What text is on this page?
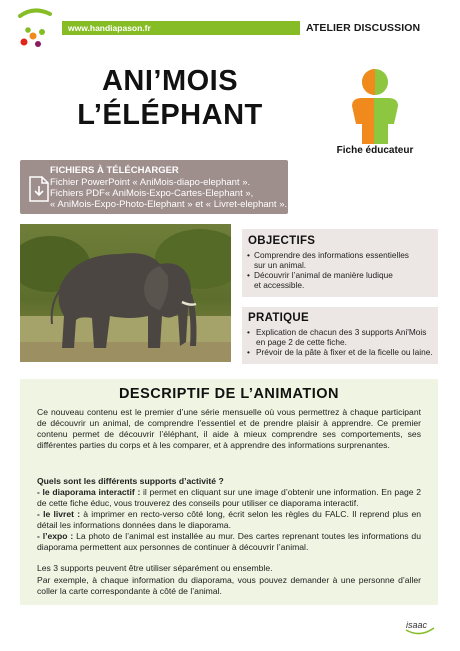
www.handiapason.fr	ATELIER DISCUSSION
ANI’MOIS
L’ÉLÉPHANT
Fiche éducateur
FICHIERS À TÉLÉCHARGER
Fichier PowerPoint « AniMois-diapo-elephant ».
Fichiers PDF« AniMois-Expo-Cartes-Elephant »,
« AniMois-Expo-Photo-Elephant » et « Livret-elephant ».
OBJECTIFS
• Comprendre des informations essentielles
sur un animal.
• Découvrir l’animal de manière ludique
et accessible.
PRATIQUE
• Explication de chacun des 3 supports Ani'Mois
en page 2 de cette fiche.
• Prévoir de la pâte à fixer et de la ficelle ou laine.
DESCRIPTIF DE L’ANIMATION
Ce nouveau contenu est le premier d’une série mensuelle où vous permettrez à chaque participant de découvrir un animal, de comprendre l’essentiel et de prendre plaisir à apprendre. Ce premier contenu permet de découvrir l’éléphant, il aide à mieux comprendre ses comportements, ses différentes parties du corps et à les comparer, et à apprendre des informations surprenantes.
Quels sont les différents supports d’activité ?
- le diaporama interactif : il permet en cliquant sur une image d’obtenir une information. En page 2 de cette fiche éduc, vous trouverez des conseils pour utiliser ce diaporama interactif.
- le livret : à imprimer en recto-verso côté long, écrit selon les règles du FALC. Il reprend plus en détail les informations données dans le diaporama.
- l’expo : La photo de l’animal est installée au mur. Des cartes reprenant toutes les informations du diaporama permettent aux personnes de continuer à découvrir l’animal.
Les 3 supports peuvent être utiliser séparément ou ensemble.
Par exemple, à chaque information du diaporama, vous pouvez demander à une personne d’aller coller la carte correspondante à côté de l’animal.
isaac
